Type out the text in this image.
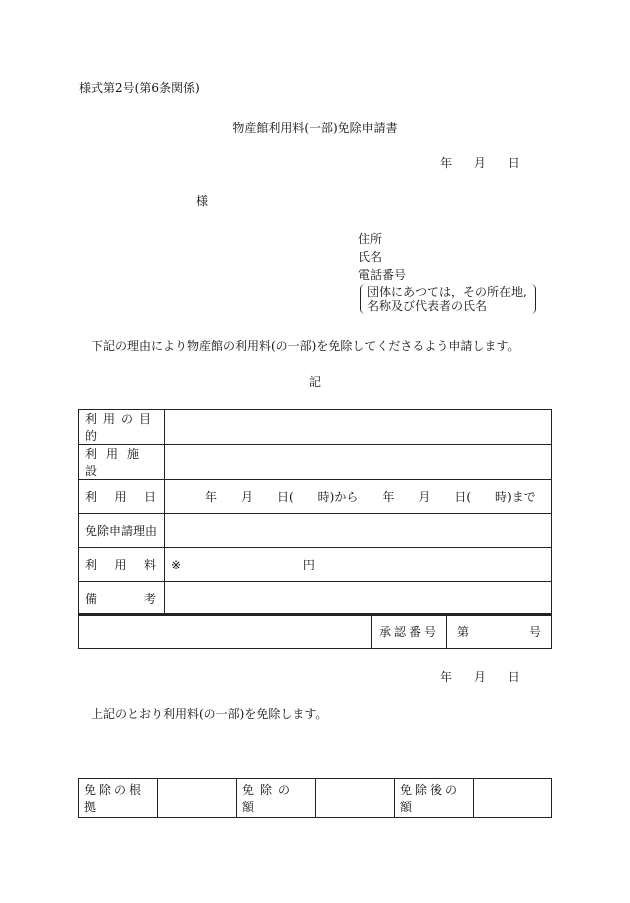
様式第2号(第6条関係)
物産館利用料(一部)免除申請書
年 月 日
様
住所
氏名
電話番号
団体にあつては，その所在地,
名称及び代表者の氏名
下記の理由により物産館の利用料(の一部)を免除してくださるよう申請します。
記
利用の目的	
利用施設	

利 用 日	年　　月　　日(　　時)から　　年　　月　　日(　　時)まで
免除申請理由	

利 用 料	※ 円

備 考	

	承認番号	第	号
年 月 日
上記のとおり利用料(の一部)を免除します。
免除の根拠		免除の額		免除後の額	
